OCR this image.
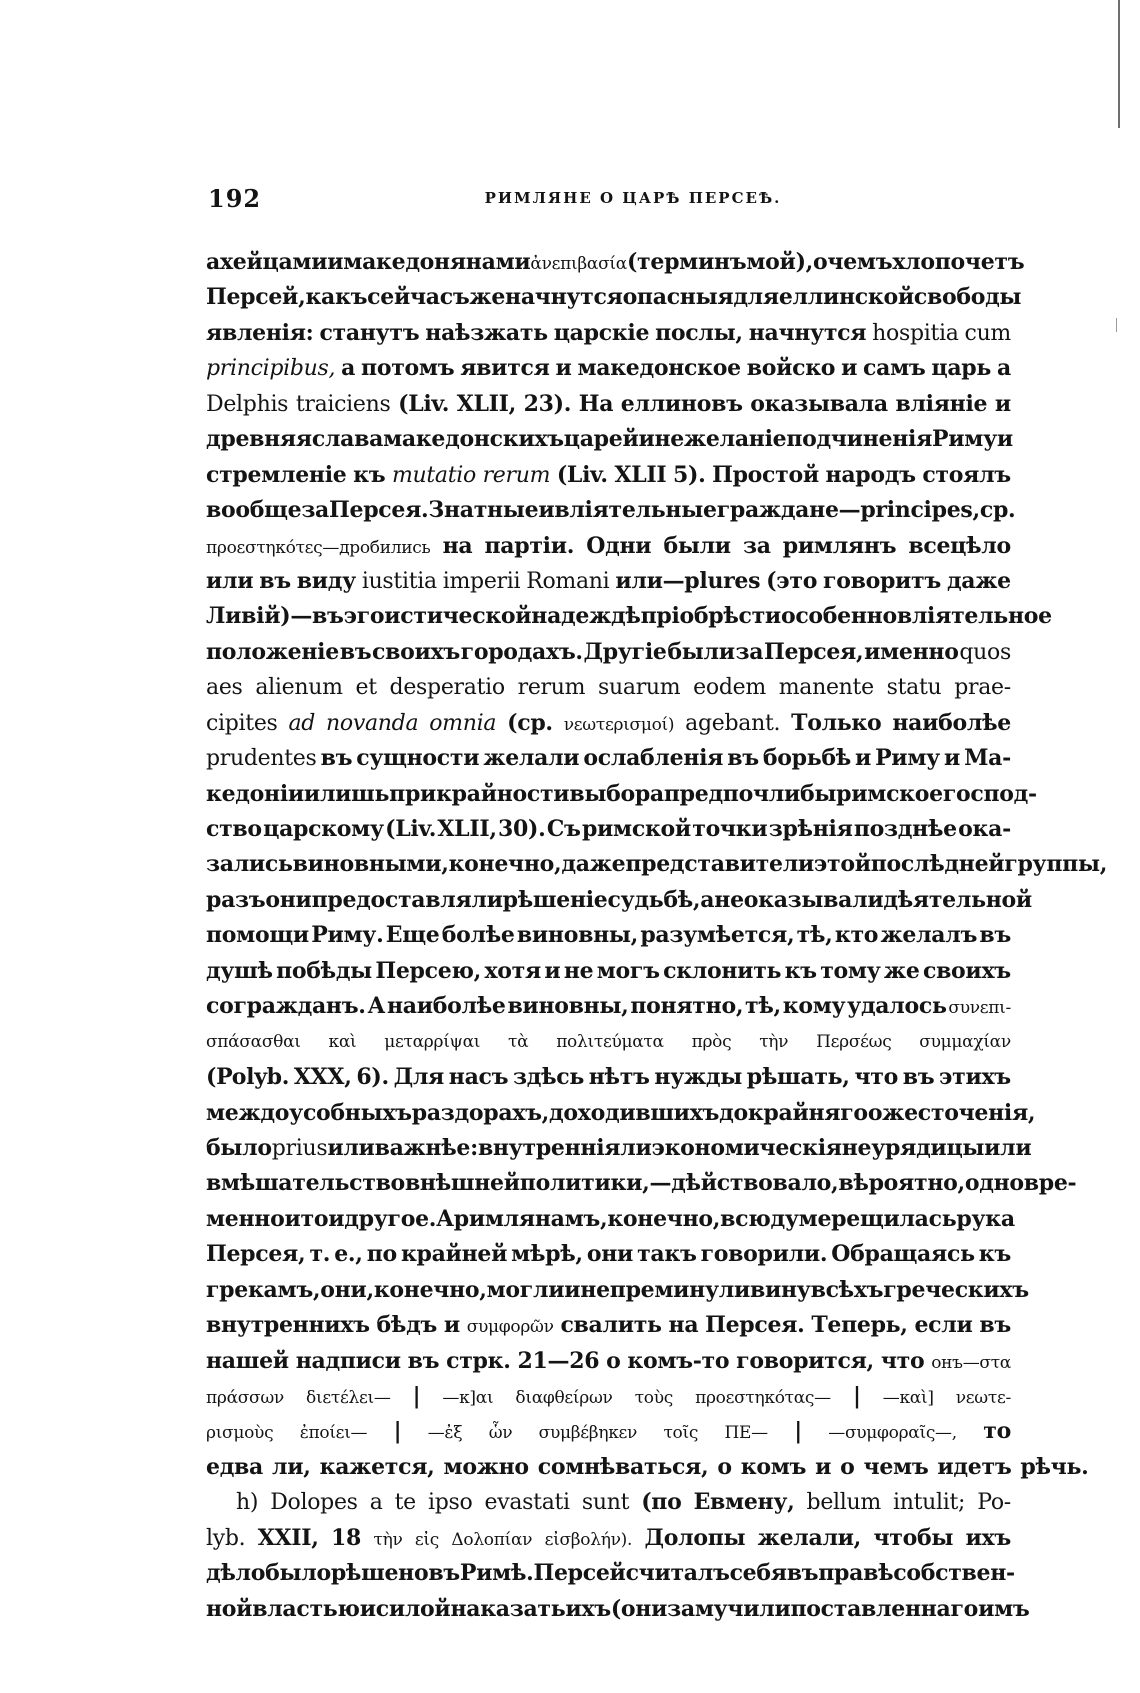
192	РИМЛЯНЕ О ЦАРѢ ПЕРСЕѢ.
ахейцами и македонянами ἀνεπιβασία (терминъ мой), о чемъ хлопочетъ
Персей, какъ сейчасъ же начнутся опасныя для еллинской свободы
явленія: станутъ наѣзжать царскіе послы, начнутся hospitia cum
principibus, а потомъ явится и македонское войско и самъ царь а
Delphis traiciens (Liv. XLII, 23). На еллиновъ оказывала вліяніе и
древняя слава македонскихъ царей и нежеланіе подчиненія Риму и
стремленіе къ mutatio rerum (Liv. XLII 5). Простой народъ стоялъ
вообще за Персея. Знатные и вліятельные граждане—principes, ср.
προεστηκότες—дробились на партіи. Одни были за римлянъ всецѣло
или въ виду iustitia imperii Romani или—plures (это говоритъ даже
Ливій)—въ эгоистической надеждѣ пріобрѣсти особенно вліятельное
положеніе въ своихъ городахъ. Другіе были за Персея, именно quos
aes alienum et desperatio rerum suarum eodem manente statu prae-
cipites ad novanda omnia (ср. νεωτερισμοί) agebant. Только наиболѣе
prudentes въ сущности желали ослабленія въ борьбѣ и Риму и Ма-
кедоніи и лишь при крайности выбора предпочли бы римское господ-
ство царскому (Liv. XLII, 30). Съ римской точки зрѣнія позднѣе ока-
зались виновными, конечно, даже представители этой послѣдней группы,
разъ они предоставляли рѣшеніе судьбѣ, а не оказывали дѣятельной
помощи Риму. Еще болѣе виновны, разумѣется, тѣ, кто желалъ въ
душѣ побѣды Персею, хотя и не могъ склонить къ тому же своихъ
согражданъ. А наиболѣе виновны, понятно, тѣ, кому удалось συνεπι-
σπάσασθαι καὶ μεταρρίψαι τὰ πολιτεύματα πρὸς τὴν Περσέως συμμαχίαν
(Polyb. XXX, 6). Для насъ здѣсь нѣтъ нужды рѣшать, что въ этихъ
междоусобныхъ раздорахъ, доходившихъ до крайняго ожесточенія,
было prius или важнѣе: внутреннія ли экономическія неурядицы или
вмѣшательство внѣшней политики,—дѣйствовало, вѣроятно, одновре-
менно и то и другое. А римлянамъ, конечно, всюду мерещилась рука
Персея, т. е., по крайней мѣрѣ, они такъ говорили. Обращаясь къ
грекамъ, они, конечно, могли и не преминули вину всѣхъ греческихъ
внутреннихъ бѣдъ и συμφορῶν свалить на Персея. Теперь, если въ
нашей надписи въ стрк. 21—26 о комъ-то говорится, что онъ—στα
πράσσων διετέλει— | —κ]αι διαφθείρων τοὺς προεστηκότας— | —καὶ] νεωτε-
ρισμοὺς ἐποίει— | —ἐξ ὧν συμβέβηκεν τοῖς ΠΕ— | —συμφοραῖς—, то
едва ли, кажется, можно сомнѣваться, о комъ и о чемъ идетъ рѣчь.
h) Dolopes a te ipso evastati sunt (по Евмену, bellum intulit; Po-
lyb. XXII, 18 τὴν εἰς Δολοπίαν εἰσβολήν). Долопы желали, чтобы ихъ
дѣло было рѣшено въ Римѣ. Персей считалъ себя въ правѣ собствен-
ной властью и силой наказать ихъ (они замучили поставленнаго имъ
